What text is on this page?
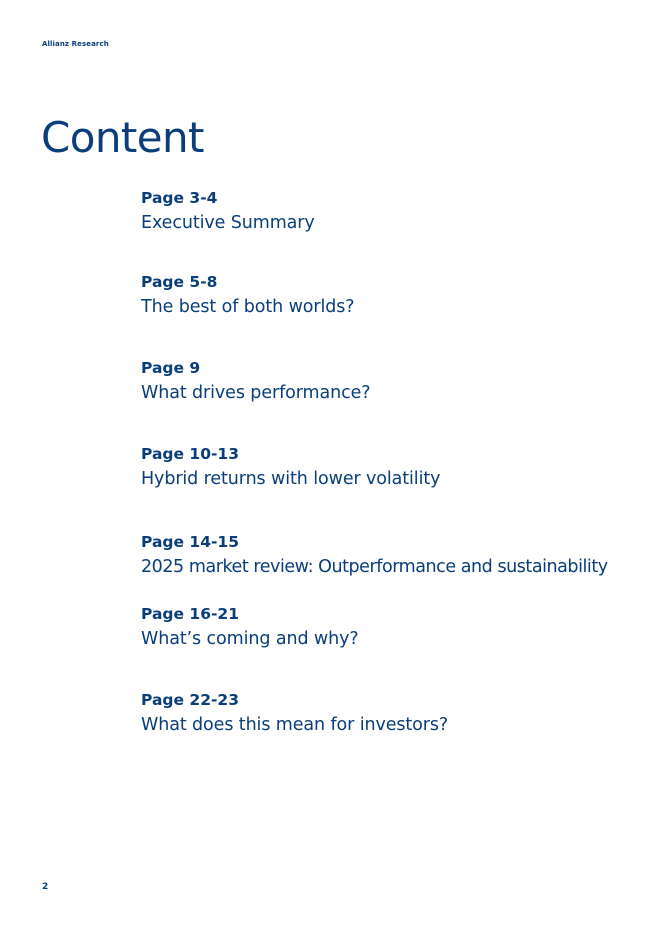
Allianz Research
Content
Page 3-4
Executive Summary
Page 5-8
The best of both worlds?
Page 9
What drives performance?
Page 10-13
Hybrid returns with lower volatility
Page 14-15
2025 market review: Outperformance and sustainability
Page 16-21
What’s coming and why?
Page 22-23
What does this mean for investors?
2
